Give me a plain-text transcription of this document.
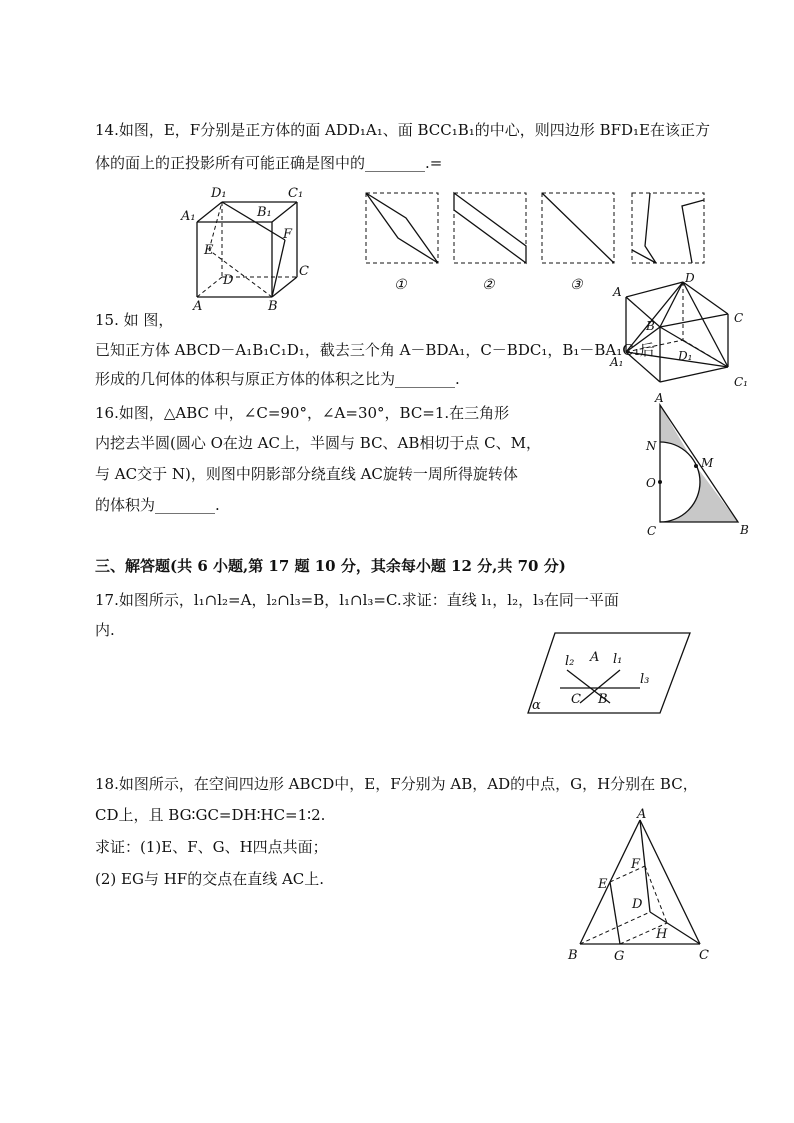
14.如图，E，F分别是正方体的面 ADD₁A₁、面 BCC₁B₁的中心，则四边形 BFD₁E在该正方
体的面上的正投影所有可能正确是图中的________.=
D₁	C₁
A₁	B₁
E
F
D
C
A	B
①	②	③
15. 如 图，
已知正方体 ABCD－A₁B₁C₁D₁，截去三个角 A－BDA₁，C－BDC₁，B₁－BA₁C₁后
形成的几何体的体积与原正方体的体积之比为________.
D
A
B
C
D₁
A₁
C₁
16.如图，△ABC 中，∠C=90°，∠A=30°，BC=1.在三角形
内挖去半圆(圆心 O在边 AC上，半圆与 BC、AB相切于点 C、M，
与 AC交于 N)，则图中阴影部分绕直线 AC旋转一周所得旋转体
的体积为________.
A
N
M
O
C	B
三、解答题(共 6 小题,第 17 题 10 分，其余每小题 12 分,共 70 分)
17.如图所示，l₁∩l₂=A，l₂∩l₃=B，l₁∩l₃=C.求证：直线 l₁，l₂，l₃在同一平面
内.
l₂ A l₁
l₃
C B
α
18.如图所示，在空间四边形 ABCD中，E，F分别为 AB，AD的中点，G，H分别在 BC，
CD上，且 BG∶GC=DH∶HC=1∶2.
求证：(1)E、F、G、H四点共面；
(2) EG与 HF的交点在直线 AC上.
A
F
E
D
H
B	G	C
